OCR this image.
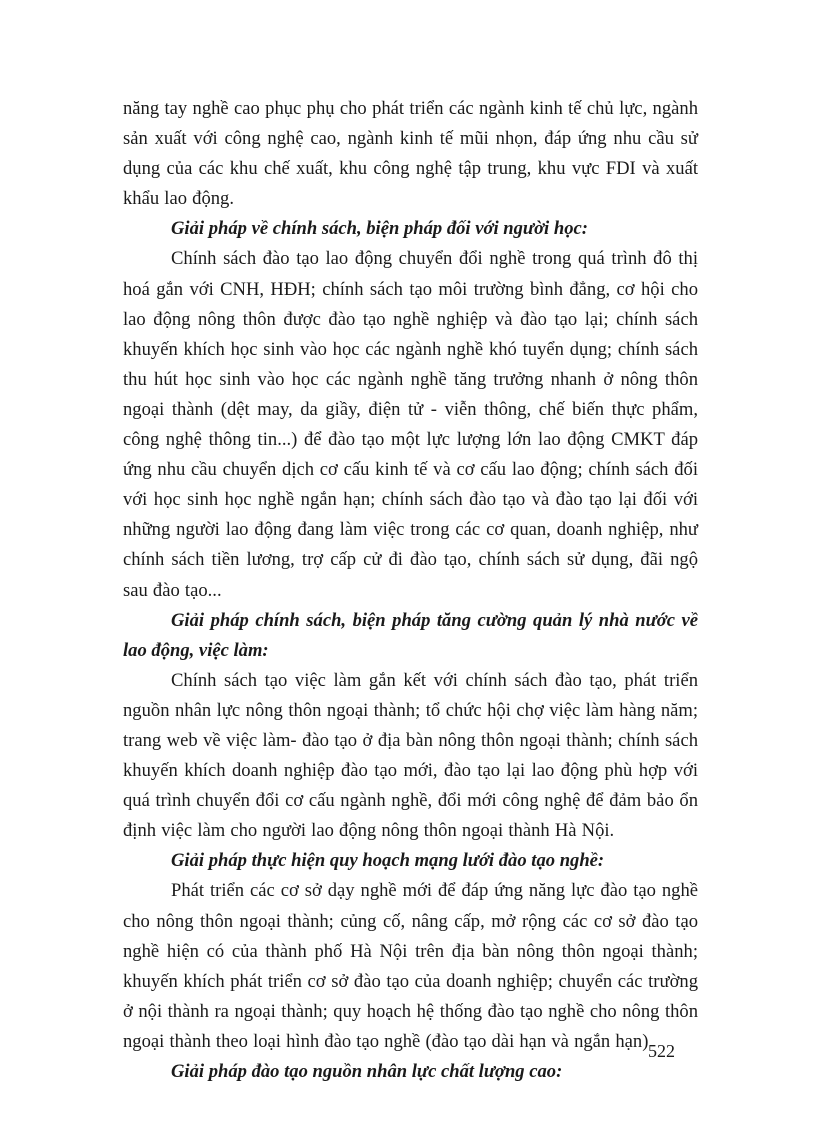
năng tay nghề cao phục phụ cho phát triển các ngành kinh tế chủ lực, ngành sản xuất với công nghệ cao, ngành kinh tế mũi nhọn, đáp ứng nhu cầu sử dụng của các khu chế xuất, khu công nghệ tập trung, khu vực FDI và xuất khẩu lao động.

Giải pháp về chính sách, biện pháp đối với người học:

Chính sách đào tạo lao động chuyển đổi nghề trong quá trình đô thị hoá gắn với CNH, HĐH; chính sách tạo môi trường bình đẳng, cơ hội cho lao động nông thôn được đào tạo nghề nghiệp và đào tạo lại; chính sách khuyến khích học sinh vào học các ngành nghề khó tuyển dụng; chính sách thu hút học sinh vào học các ngành nghề tăng trưởng nhanh ở nông thôn ngoại thành (dệt may, da giầy, điện tử - viễn thông, chế biến thực phẩm, công nghệ thông tin...) để đào tạo một lực lượng lớn lao động CMKT đáp ứng nhu cầu chuyển dịch cơ cấu kinh tế và cơ cấu lao động; chính sách đối với học sinh học nghề ngắn hạn; chính sách đào tạo và đào tạo lại đối với những người lao động đang làm việc trong các cơ quan, doanh nghiệp, như chính sách tiền lương, trợ cấp cử đi đào tạo, chính sách sử dụng, đãi ngộ sau đào tạo...

Giải pháp chính sách, biện pháp tăng cường quản lý nhà nước về lao động, việc làm:

Chính sách tạo việc làm gắn kết với chính sách đào tạo, phát triển nguồn nhân lực nông thôn ngoại thành; tổ chức hội chợ việc làm hàng năm; trang web về việc làm- đào tạo ở địa bàn nông thôn ngoại thành; chính sách khuyến khích doanh nghiệp đào tạo mới, đào tạo lại lao động phù hợp với quá trình chuyển đổi cơ cấu ngành nghề, đổi mới công nghệ để đảm bảo ổn định việc làm cho người lao động nông thôn ngoại thành Hà Nội.

Giải pháp thực hiện quy hoạch mạng lưới đào tạo nghề:

Phát triển các cơ sở dạy nghề mới để đáp ứng năng lực đào tạo nghề cho nông thôn ngoại thành; củng cố, nâng cấp, mở rộng các cơ sở đào tạo nghề hiện có của thành phố Hà Nội trên địa bàn nông thôn ngoại thành; khuyến khích phát triển cơ sở đào tạo của doanh nghiệp; chuyển các trường ở nội thành ra ngoại thành; quy hoạch hệ thống đào tạo nghề cho nông thôn ngoại thành theo loại hình đào tạo nghề (đào tạo dài hạn và ngắn hạn)

Giải pháp đào tạo nguồn nhân lực chất lượng cao:

522
